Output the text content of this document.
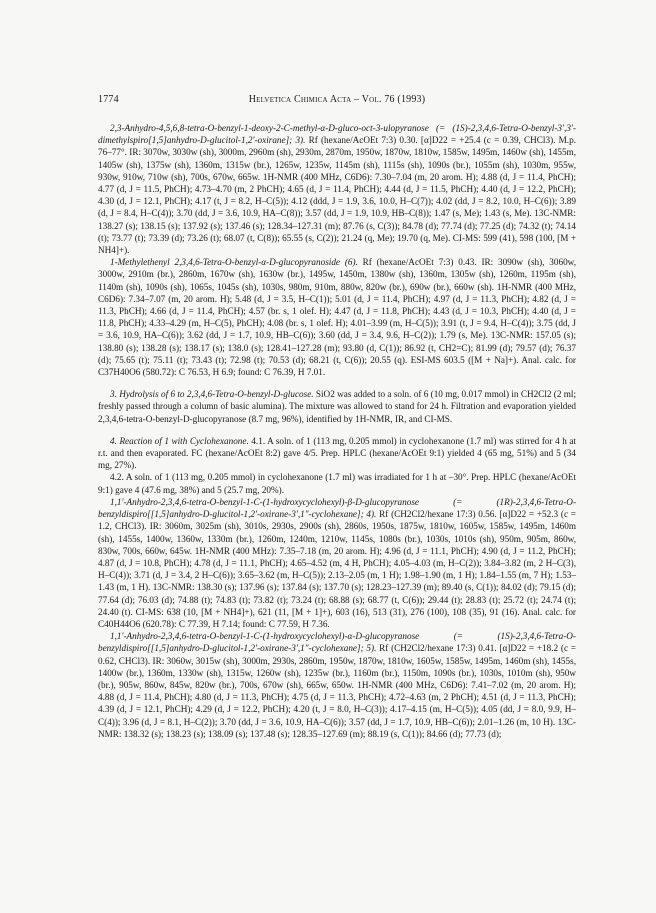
1774	Helvetica Chimica Acta – Vol. 76 (1993)

2,3-Anhydro-4,5,6,8-tetra-O-benzyl-1-deoxy-2-C-methyl-α-D-gluco-oct-3-ulopyranose (= (1S)-2,3,4,6-Tetra-O-benzyl-3′,3′-dimethylspiro[1,5]anhydro-D-glucitol-1,2′-oxirane]; 3). Rf (hexane/AcOEt 7:3) 0.30. [α]D22 = +25.4 (c = 0.39, CHCl3). M.p. 76–77°. IR: 3070w, 3030w (sh), 3000m, 2960m (sh), 2930m, 2870m, 1950w, 1870w, 1810w, 1585w, 1495m, 1460w (sh), 1455m, 1405w (sh), 1375w (sh), 1360m, 1315w (br.), 1265w, 1235w, 1145m (sh), 1115s (sh), 1090s (br.), 1055m (sh), 1030m, 955w, 930w, 910w, 710w (sh), 700s, 670w, 665w. 1H-NMR (400 MHz, C6D6): 7.30–7.04 (m, 20 arom. H); 4.88 (d, J = 11.4, PhCH); 4.77 (d, J = 11.5, PhCH); 4.73–4.70 (m, 2 PhCH); 4.65 (d, J = 11.4, PhCH); 4.44 (d, J = 11.5, PhCH); 4.40 (d, J = 12.2, PhCH); 4.30 (d, J = 12.1, PhCH); 4.17 (t, J = 8.2, H–C(5)); 4.12 (ddd, J = 1.9, 3.6, 10.0, H–C(7)); 4.02 (dd, J = 8.2, 10.0, H–C(6)); 3.89 (d, J = 8.4, H–C(4)); 3.70 (dd, J = 3.6, 10.9, HA–C(8)); 3.57 (dd, J = 1.9, 10.9, HB–C(8)); 1.47 (s, Me); 1.43 (s, Me). 13C-NMR: 138.27 (s); 138.15 (s); 137.92 (s); 137.46 (s); 128.34–127.31 (m); 87.76 (s, C(3)); 84.78 (d); 77.74 (d); 77.25 (d); 74.32 (t); 74.14 (t); 73.77 (t); 73.39 (d); 73.26 (t); 68.07 (t, C(8)); 65.55 (s, C(2)); 21.24 (q, Me); 19.70 (q, Me). CI-MS: 599 (41), 598 (100, [M + NH4]+).

1-Methylethenyl 2,3,4,6-Tetra-O-benzyl-α-D-glucopyranoside (6). Rf (hexane/AcOEt 7:3) 0.43. IR: 3090w (sh), 3060w, 3000w, 2910m (br.), 2860m, 1670w (sh), 1630w (br.), 1495w, 1450m, 1380w (sh), 1360m, 1305w (sh), 1260m, 1195m (sh), 1140m (sh), 1090s (sh), 1065s, 1045s (sh), 1030s, 980m, 910m, 880w, 820w (br.), 690w (br.), 660w (sh). 1H-NMR (400 MHz, C6D6): 7.34–7.07 (m, 20 arom. H); 5.48 (d, J = 3.5, H–C(1)); 5.01 (d, J = 11.4, PhCH); 4.97 (d, J = 11.3, PhCH); 4.82 (d, J = 11.3, PhCH); 4.66 (d, J = 11.4, PhCH); 4.57 (br. s, 1 olef. H); 4.47 (d, J = 11.8, PhCH); 4.43 (d, J = 10.3, PhCH); 4.40 (d, J = 11.8, PhCH); 4.33–4.29 (m, H–C(5), PhCH); 4.08 (br. s, 1 olef. H); 4.01–3.99 (m, H–C(5)); 3.91 (t, J = 9.4, H–C(4)); 3.75 (dd, J = 3.6, 10.9, HA–C(6)); 3.62 (dd, J = 1.7, 10.9, HB–C(6)); 3.60 (dd, J = 3.4, 9.6, H–C(2)); 1.79 (s, Me). 13C-NMR: 157.05 (s); 138.80 (s); 138.28 (s); 138.17 (s); 138.0 (s); 128.41–127.28 (m); 93.80 (d, C(1)); 86.92 (t, CH2=C); 81.99 (d); 79.57 (d); 76.37 (d); 75.65 (t); 75.11 (t); 73.43 (t); 72.98 (t); 70.53 (d); 68.21 (t, C(6)); 20.55 (q). ESI-MS 603.5 ([M + Na]+). Anal. calc. for C37H40O6 (580.72): C 76.53, H 6.9; found: C 76.39, H 7.01.

3. Hydrolysis of 6 to 2,3,4,6-Tetra-O-benzyl-D-glucose. SiO2 was added to a soln. of 6 (10 mg, 0.017 mmol) in CH2Cl2 (2 ml; freshly passed through a column of basic alumina). The mixture was allowed to stand for 24 h. Filtration and evaporation yielded 2,3,4,6-tetra-O-benzyl-D-glucopyranose (8.7 mg, 96%), identified by 1H-NMR, IR, and CI-MS.

4. Reaction of 1 with Cyclohexanone. 4.1. A soln. of 1 (113 mg, 0.205 mmol) in cyclohexanone (1.7 ml) was stirred for 4 h at r.t. and then evaporated. FC (hexane/AcOEt 8:2) gave 4/5. Prep. HPLC (hexane/AcOEt 9:1) yielded 4 (65 mg, 51%) and 5 (34 mg, 27%).

4.2. A soln. of 1 (113 mg, 0.205 mmol) in cyclohexanone (1.7 ml) was irradiated for 1 h at –30°. Prep. HPLC (hexane/AcOEt 9:1) gave 4 (47.6 mg, 38%) and 5 (25.7 mg, 20%).

1,1′-Anhydro-2,3,4,6-tetra-O-benzyl-1-C-(1-hydroxycyclohexyl)-β-D-glucopyranose (= (1R)-2,3,4,6-Tetra-O-benzyldispiro[[1,5]anhydro-D-glucitol-1,2′-oxirane-3′,1″-cyclohexane]; 4). Rf (CH2Cl2/hexane 17:3) 0.56. [α]D22 = +52.3 (c = 1.2, CHCl3). IR: 3060m, 3025m (sh), 3010s, 2930s, 2900s (sh), 2860s, 1950s, 1875w, 1810w, 1605w, 1585w, 1495m, 1460m (sh), 1455s, 1400w, 1360w, 1330m (br.), 1260m, 1240m, 1210w, 1145s, 1080s (br.), 1030s, 1010s (sh), 950m, 905m, 860w, 830w, 700s, 660w, 645w. 1H-NMR (400 MHz): 7.35–7.18 (m, 20 arom. H); 4.96 (d, J = 11.1, PhCH); 4.90 (d, J = 11.2, PhCH); 4.87 (d, J = 10.8, PhCH); 4.78 (d, J = 11.1, PhCH); 4.65–4.52 (m, 4 H, PhCH); 4.05–4.03 (m, H–C(2)); 3.84–3.82 (m, 2 H–C(3), H–C(4)); 3.71 (d, J = 3.4, 2 H–C(6)); 3.65–3.62 (m, H–C(5)); 2.13–2.05 (m, 1 H); 1.98–1.90 (m, 1 H); 1.84–1.55 (m, 7 H); 1.53–1.43 (m, 1 H). 13C-NMR: 138.30 (s); 137.96 (s); 137.84 (s); 137.70 (s); 128.23–127.39 (m); 89.40 (s, C(1)); 84.02 (d); 79.15 (d); 77.64 (d); 76.03 (d); 74.88 (t); 74.83 (t); 73.82 (t); 73.24 (t); 68.88 (s); 68.77 (t, C(6)); 29.44 (t); 28.83 (t); 25.72 (t); 24.74 (t); 24.40 (t). CI-MS: 638 (10, [M + NH4]+), 621 (11, [M + 1]+), 603 (16), 513 (31), 276 (100), 108 (35), 91 (16). Anal. calc. for C40H44O6 (620.78): C 77.39, H 7.14; found: C 77.59, H 7.36.

1,1′-Anhydro-2,3,4,6-tetra-O-benzyl-1-C-(1-hydroxycyclohexyl)-α-D-glucopyranose (= (1S)-2,3,4,6-Tetra-O-benzyldispiro[[1,5]anhydro-D-glucitol-1,2′-oxirane-3′,1″-cyclohexane]; 5). Rf (CH2Cl2/hexane 17:3) 0.41. [α]D22 = +18.2 (c = 0.62, CHCl3). IR: 3060w, 3015w (sh), 3000m, 2930s, 2860m, 1950w, 1870w, 1810w, 1605w, 1585w, 1495m, 1460m (sh), 1455s, 1400w (br.), 1360m, 1330w (sh), 1315w, 1260w (sh), 1235w (br.), 1160m (br.), 1150m, 1090s (br.), 1030s, 1010m (sh), 950w (br.), 905w, 860w, 845w, 820w (br.), 700s, 670w (sh), 665w, 650w. 1H-NMR (400 MHz, C6D6): 7.41–7.02 (m, 20 arom. H); 4.88 (d, J = 11.4, PhCH); 4.80 (d, J = 11.3, PhCH); 4.75 (d, J = 11.3, PhCH); 4.72–4.63 (m, 2 PhCH); 4.51 (d, J = 11.3, PhCH); 4.39 (d, J = 12.1, PhCH); 4.29 (d, J = 12.2, PhCH); 4.20 (t, J = 8.0, H–C(3)); 4.17–4.15 (m, H–C(5)); 4.05 (dd, J = 8.0, 9.9, H–C(4)); 3.96 (d, J = 8.1, H–C(2)); 3.70 (dd, J = 3.6, 10.9, HA–C(6)); 3.57 (dd, J = 1.7, 10.9, HB–C(6)); 2.01–1.26 (m, 10 H). 13C-NMR: 138.32 (s); 138.23 (s); 138.09 (s); 137.48 (s); 128.35–127.69 (m); 88.19 (s, C(1)); 84.66 (d); 77.73 (d);
